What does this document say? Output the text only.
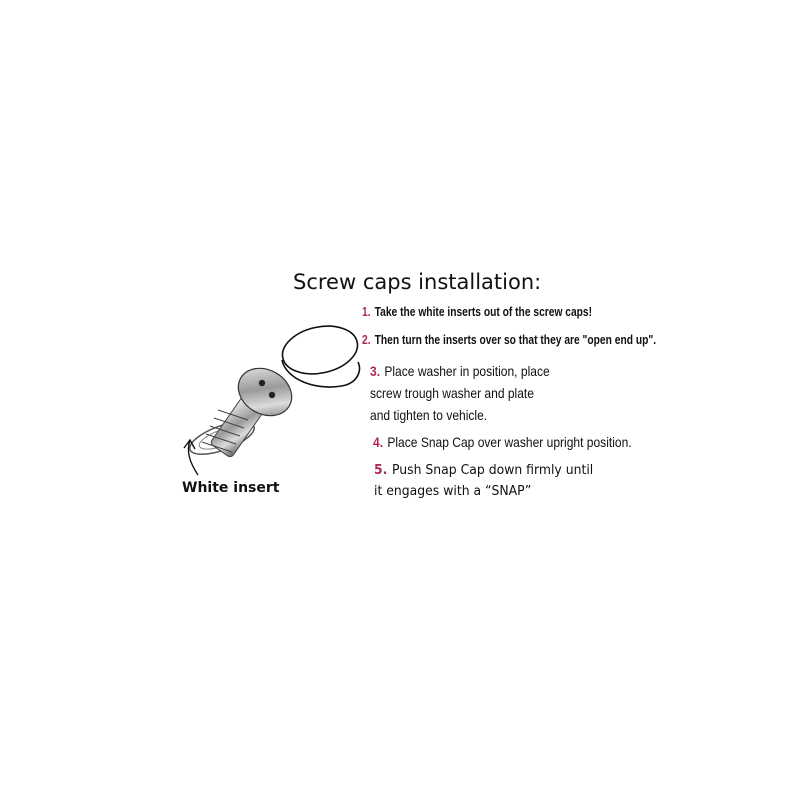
Screw caps installation:
1. Take the white inserts out of the screw caps!
2. Then turn the inserts over so that they are "open end up".
3. Place washer in position, place
screw trough washer and plate
and tighten to vehicle.
4. Place Snap Cap over washer upright position.
5. Push Snap Cap down firmly until
it engages with a “SNAP”
White insert
